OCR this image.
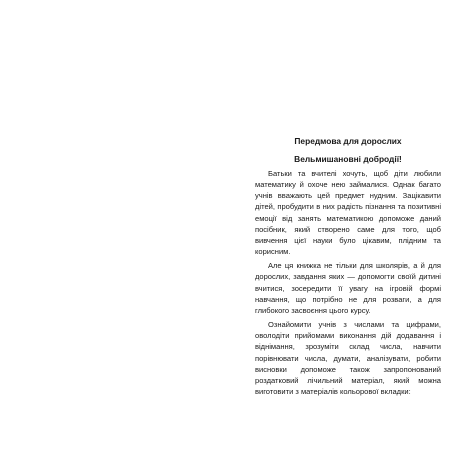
Передмова для дорослих
Вельмишановні добродії!

Батьки та вчителі хочуть, щоб діти любили математику й охоче нею займалися. Однак багато учнів вважають цей предмет нудним. Зацікавити дітей, пробудити в них радість пізнання та позитивні емоції від занять математикою допоможе даний посібник, який створено саме для того, щоб вивчення цієї науки було цікавим, плідним та корисним.

Але ця книжка не тільки для школярів, а й для дорослих, завдання яких — допомогти своїй дитині вчитися, зосередити її увагу на ігровій формі навчання, що потрібно не для розваги, а для глибокого засвоєння цього курсу.

Ознайомити учнів з числами та цифрами, оволодіти прийомами виконання дій додавання і віднімання, зрозуміти склад числа, навчити порівнювати числа, думати, аналізувати, робити висновки допоможе також запропонований роздатковий лічильний матеріал, який можна виготовити з матеріалів кольорової вкладки:
